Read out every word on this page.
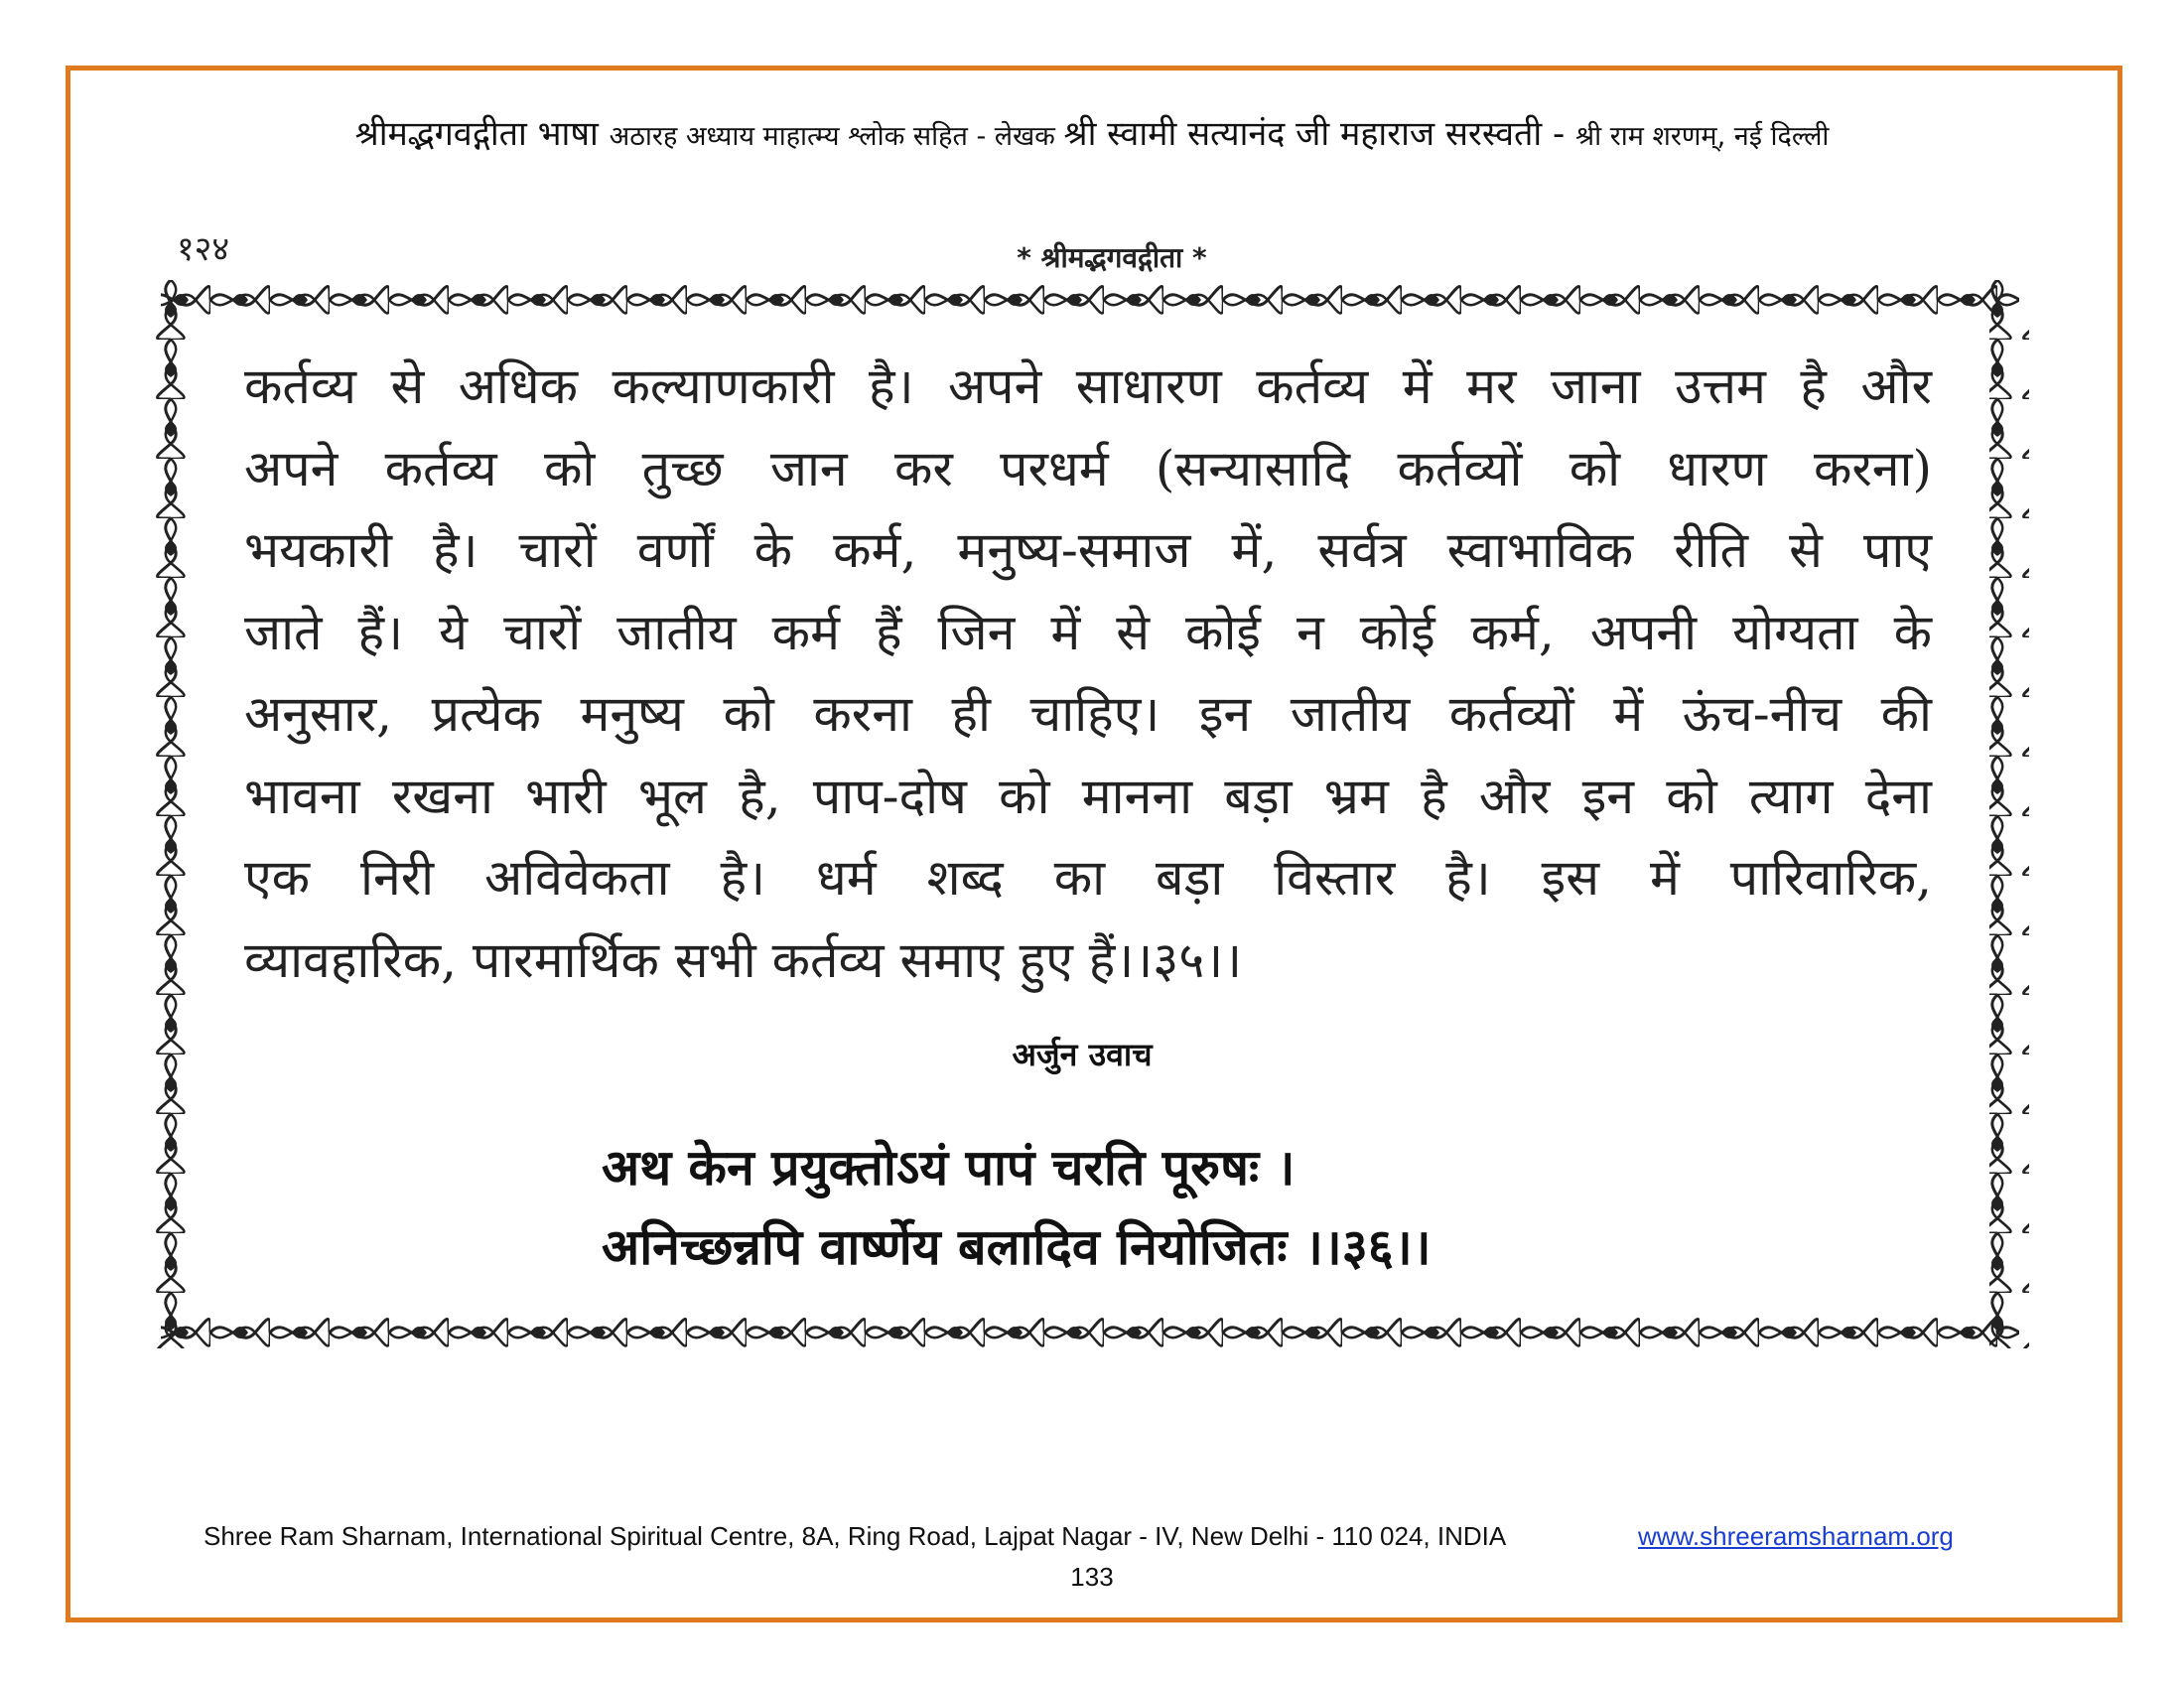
श्रीमद्भगवद्गीता भाषा अठारह अध्याय माहात्म्य श्लोक सहित - लेखक श्री स्वामी सत्यानंद जी महाराज सरस्वती - श्री राम शरणम्, नई दिल्ली
१२४	* श्रीमद्भगवद्गीता *

कर्तव्य से अधिक कल्याणकारी है। अपने साधारण कर्तव्य में मर जाना उत्तम है और

अपने कर्तव्य को तुच्छ जान कर परधर्म (सन्यासादि कर्तव्यों को धारण करना)

भयकारी है। चारों वर्णों के कर्म, मनुष्य-समाज में, सर्वत्र स्वाभाविक रीति से पाए

जाते हैं। ये चारों जातीय कर्म हैं जिन में से कोई न कोई कर्म, अपनी योग्यता के

अनुसार, प्रत्येक मनुष्य को करना ही चाहिए। इन जातीय कर्तव्यों में ऊंच-नीच की

भावना रखना भारी भूल है, पाप-दोष को मानना बड़ा भ्रम है और इन को त्याग देना

एक निरी अविवेकता है। धर्म शब्द का बड़ा विस्तार है। इस में पारिवारिक,

व्यावहारिक, पारमार्थिक सभी कर्तव्य समाए हुए हैं।।३५।।

अर्जुन उवाच
अथ केन प्रयुक्तोऽयं पापं चरति पूरुषः ।
अनिच्छन्नपि वार्ष्णेय बलादिव नियोजितः ।।३६।।
Shree Ram Sharnam, International Spiritual Centre, 8A, Ring Road, Lajpat Nagar - IV, New Delhi - 110 024, INDIA	www.shreeramsharnam.org
133
